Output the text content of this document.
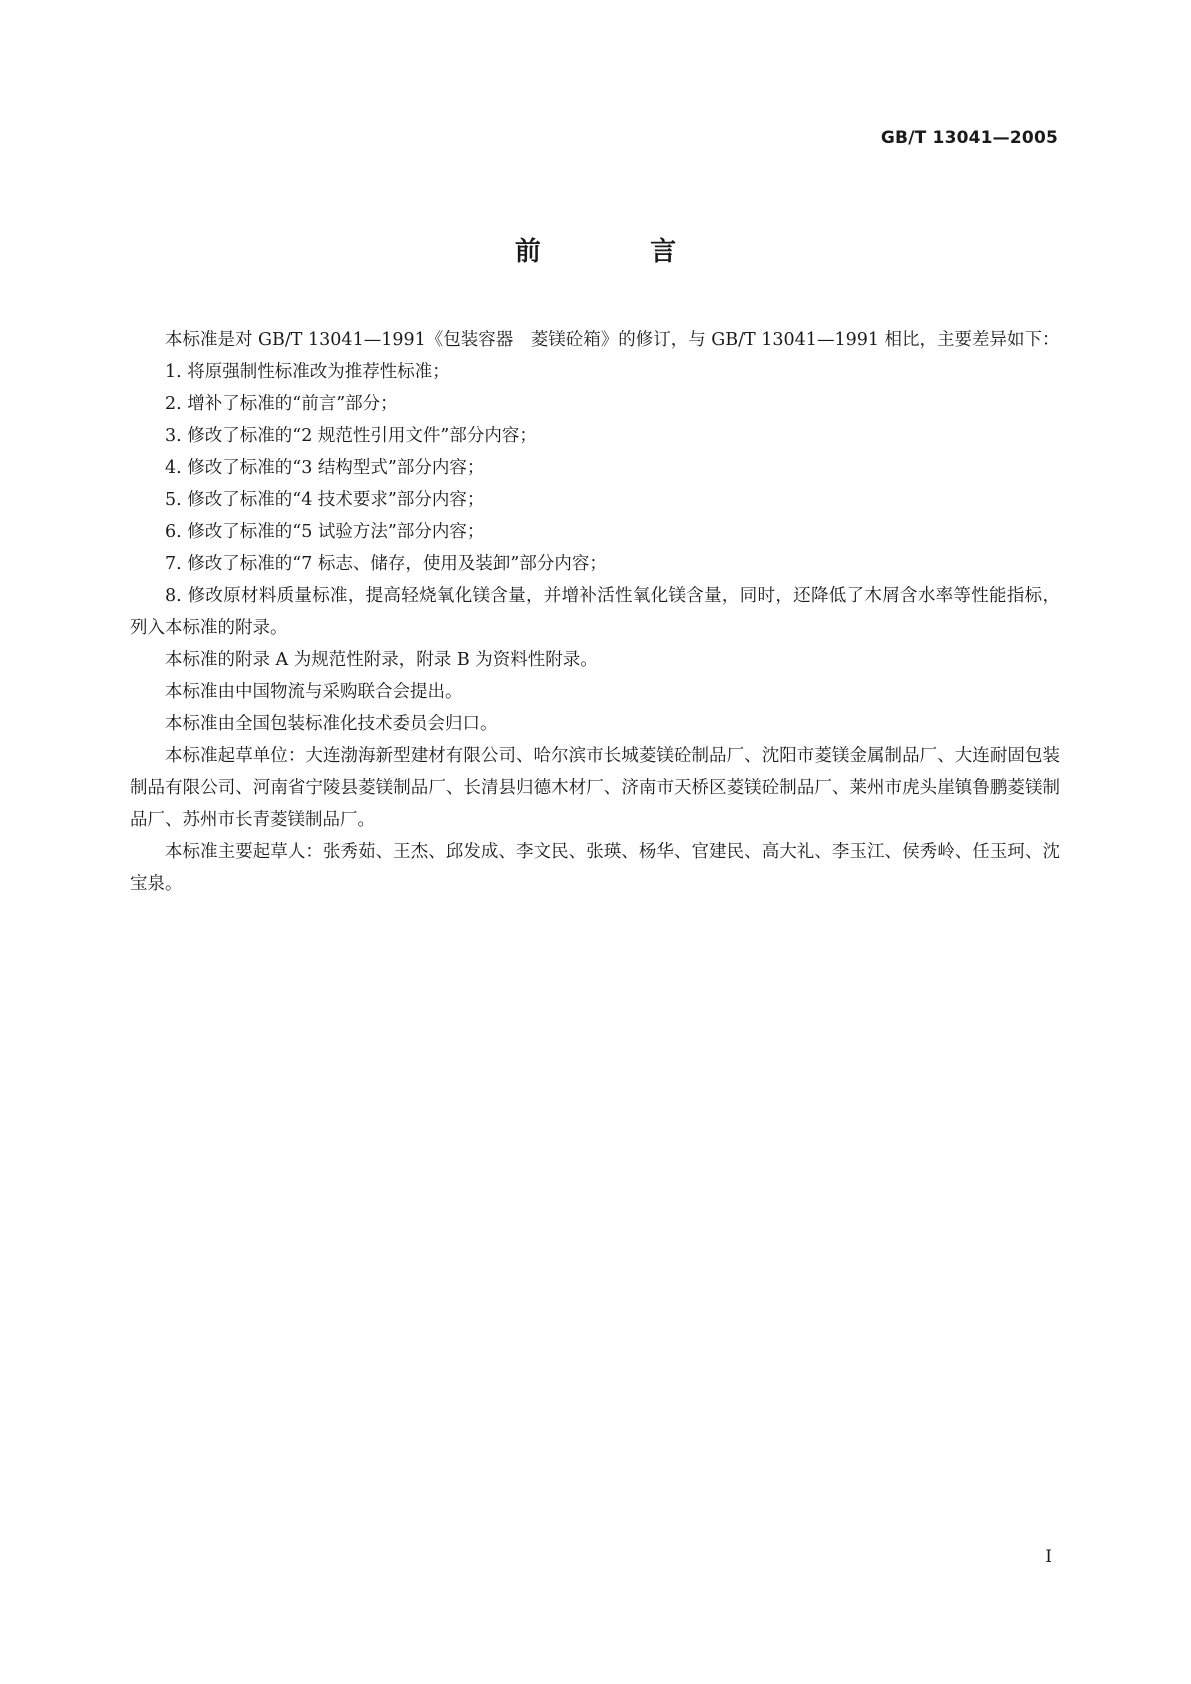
GB/T 13041—2005
前　言

本标准是对 GB/T 13041—1991《包装容器　菱镁砼箱》的修订，与 GB/T 13041—1991 相比，主要差异如下：

1. 将原强制性标准改为推荐性标准；

2. 增补了标准的“前言”部分；

3. 修改了标准的“2 规范性引用文件”部分内容；

4. 修改了标准的“3 结构型式”部分内容；

5. 修改了标准的“4 技术要求”部分内容；

6. 修改了标准的“5 试验方法”部分内容；

7. 修改了标准的“7 标志、储存，使用及装卸”部分内容；

8. 修改原材料质量标准，提高轻烧氧化镁含量，并增补活性氧化镁含量，同时，还降低了木屑含水率等性能指标，列入本标准的附录。

本标准的附录 A 为规范性附录，附录 B 为资料性附录。

本标准由中国物流与采购联合会提出。

本标准由全国包装标准化技术委员会归口。

本标准起草单位：大连渤海新型建材有限公司、哈尔滨市长城菱镁砼制品厂、沈阳市菱镁金属制品厂、大连耐固包装制品有限公司、河南省宁陵县菱镁制品厂、长清县归德木材厂、济南市天桥区菱镁砼制品厂、莱州市虎头崖镇鲁鹏菱镁制品厂、苏州市长青菱镁制品厂。

本标准主要起草人：张秀茹、王杰、邱发成、李文民、张瑛、杨华、官建民、高大礼、李玉江、侯秀岭、任玉珂、沈宝泉。

I
